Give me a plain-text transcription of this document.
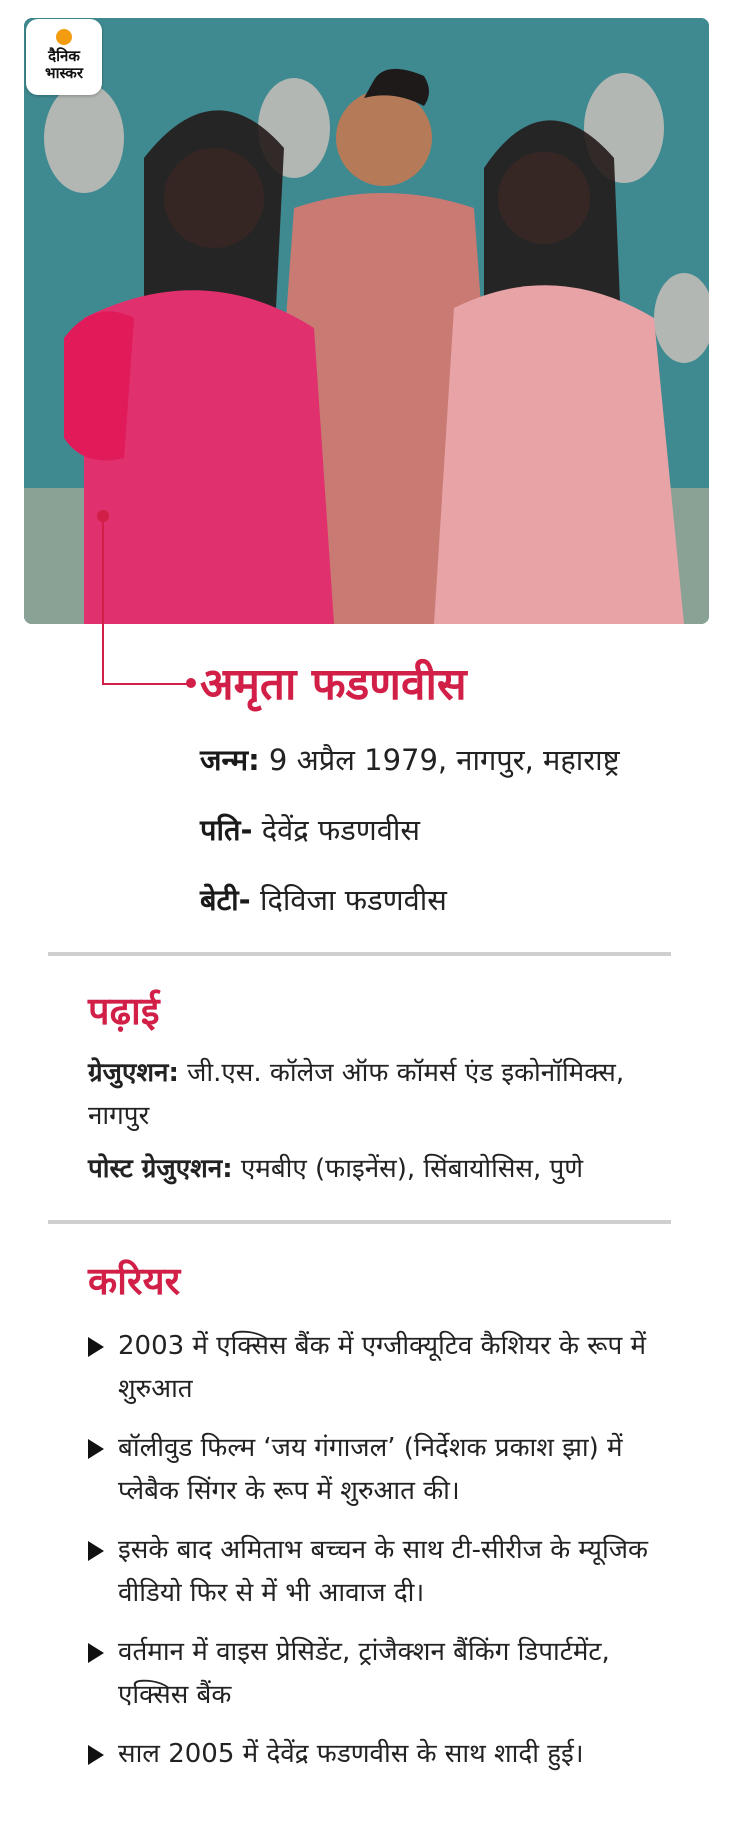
दैनिक
भास्कर
अमृता फडणवीस
जन्म: 9 अप्रैल 1979, नागपुर, महाराष्ट्र
पति- देवेंद्र फडणवीस
बेटी- दिविजा फडणवीस
पढ़ाई
ग्रेजुएशन: जी.एस. कॉलेज ऑफ कॉमर्स एंड इकोनॉमिक्स, नागपुर
पोस्ट ग्रेजुएशन: एमबीए (फाइनेंस), सिंबायोसिस, पुणे
करियर
2003 में एक्सिस बैंक में एग्जीक्यूटिव कैशियर के रूप में शुरुआत
बॉलीवुड फिल्म ‘जय गंगाजल’ (निर्देशक प्रकाश झा) में प्लेबैक सिंगर के रूप में शुरुआत की।
इसके बाद अमिताभ बच्चन के साथ टी-सीरीज के म्यूजिक वीडियो फिर से में भी आवाज दी।
वर्तमान में वाइस प्रेसिडेंट, ट्रांजैक्शन बैंकिंग डिपार्टमेंट, एक्सिस बैंक
साल 2005 में देवेंद्र फडणवीस के साथ शादी हुई।
